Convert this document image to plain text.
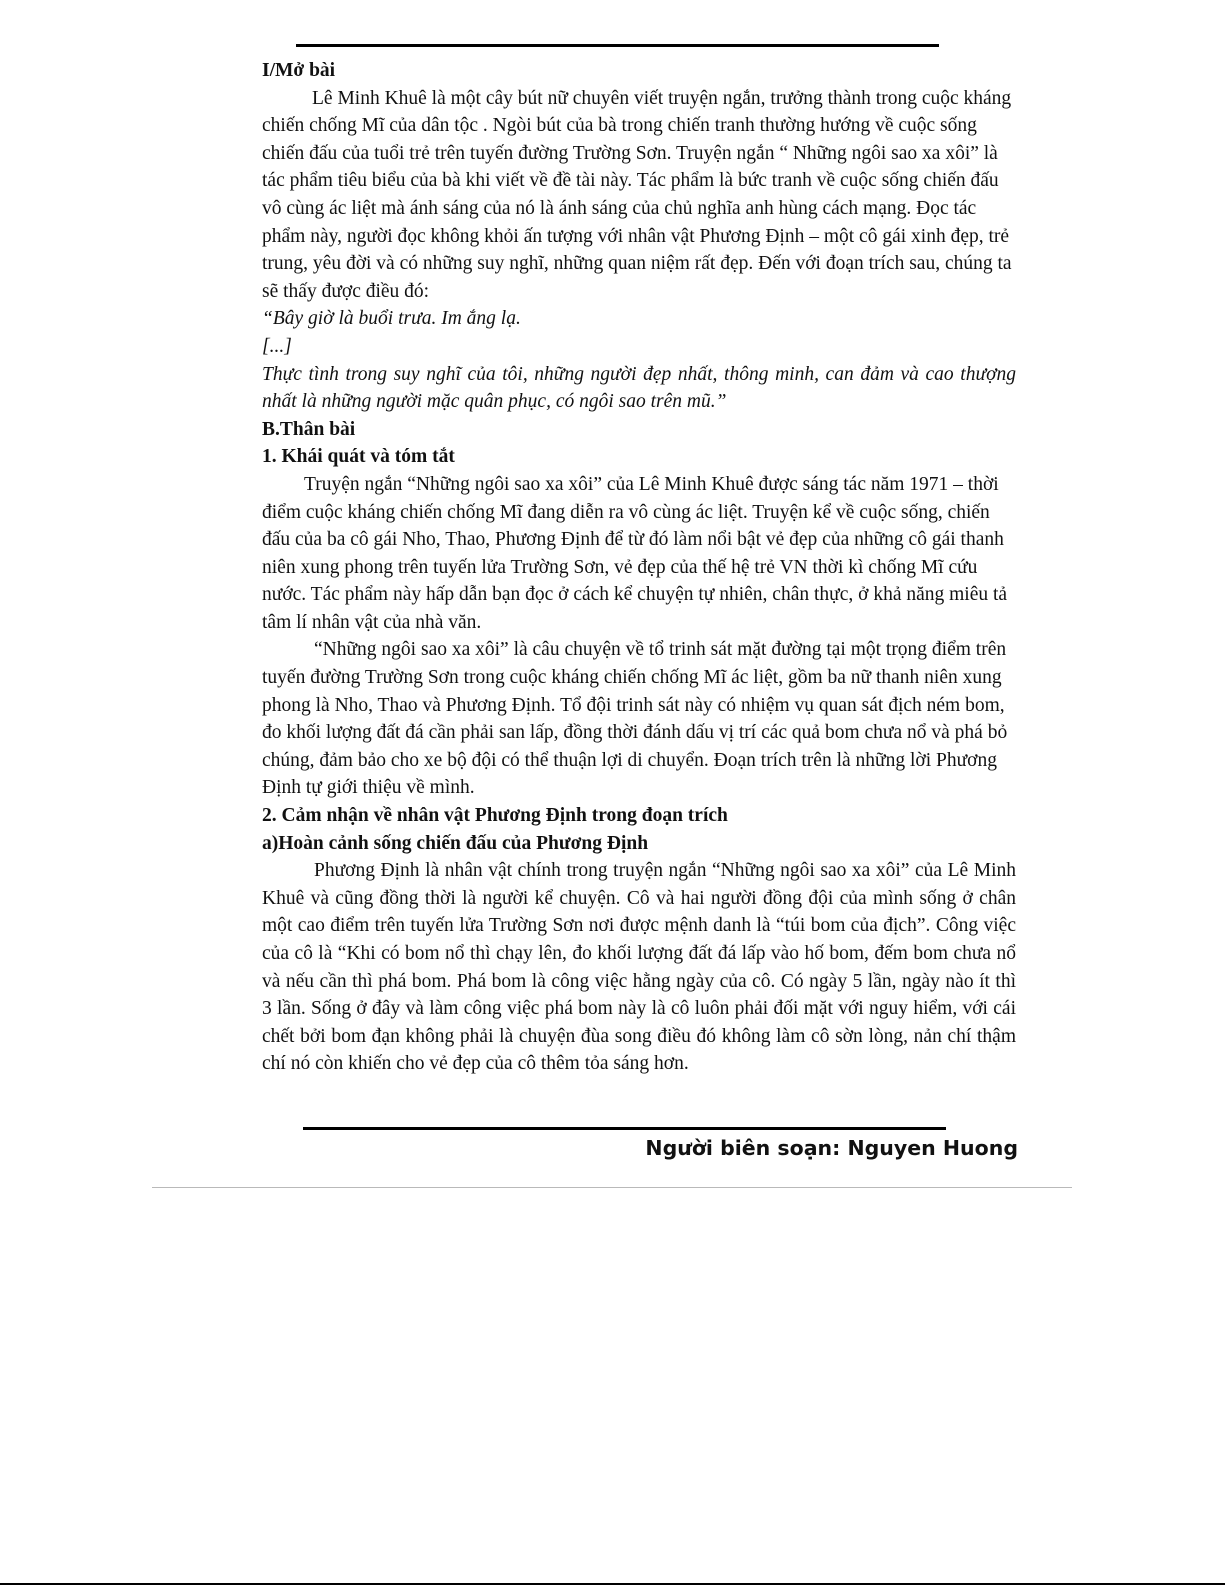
I/Mở bài

Lê Minh Khuê là một cây bút nữ chuyên viết truyện ngắn, trưởng thành trong cuộc kháng chiến chống Mĩ của dân tộc . Ngòi bút của bà trong chiến tranh thường hướng về cuộc sống chiến đấu của tuổi trẻ trên tuyến đường Trường Sơn. Truyện ngắn “ Những ngôi sao xa xôi” là tác phẩm tiêu biểu của bà khi viết về đề tài này. Tác phẩm là bức tranh về cuộc sống chiến đấu vô cùng ác liệt mà ánh sáng của nó là ánh sáng của chủ nghĩa anh hùng cách mạng. Đọc tác phẩm này, người đọc không khỏi ấn tượng với nhân vật Phương Định – một cô gái xinh đẹp, trẻ trung, yêu đời và có những suy nghĩ, những quan niệm rất đẹp. Đến với đoạn trích sau, chúng ta sẽ thấy được điều đó:

“Bây giờ là buổi trưa. Im ắng lạ.

[...]

Thực tình trong suy nghĩ của tôi, những người đẹp nhất, thông minh, can đảm và cao thượng nhất là những người mặc quân phục, có ngôi sao trên mũ.”

B.Thân bài

1. Khái quát và tóm tắt

Truyện ngắn “Những ngôi sao xa xôi” của Lê Minh Khuê được sáng tác năm 1971 – thời điểm cuộc kháng chiến chống Mĩ đang diễn ra vô cùng ác liệt. Truyện kể về cuộc sống, chiến đấu của ba cô gái Nho, Thao, Phương Định để từ đó làm nổi bật vẻ đẹp của những cô gái thanh niên xung phong trên tuyến lửa Trường Sơn, vẻ đẹp của thế hệ trẻ VN thời kì chống Mĩ cứu nước. Tác phẩm này hấp dẫn bạn đọc ở cách kể chuyện tự nhiên, chân thực, ở khả năng miêu tả tâm lí nhân vật của nhà văn.

“Những ngôi sao xa xôi” là câu chuyện về tổ trinh sát mặt đường tại một trọng điểm trên tuyến đường Trường Sơn trong cuộc kháng chiến chống Mĩ ác liệt, gồm ba nữ thanh niên xung phong là Nho, Thao và Phương Định. Tổ đội trinh sát này có nhiệm vụ quan sát địch ném bom, đo khối lượng đất đá cần phải san lấp, đồng thời đánh dấu vị trí các quả bom chưa nổ và phá bỏ chúng, đảm bảo cho xe bộ đội có thể thuận lợi di chuyển. Đoạn trích trên là những lời Phương Định tự giới thiệu về mình.

2. Cảm nhận về nhân vật Phương Định trong đoạn trích

a)Hoàn cảnh sống chiến đấu của Phương Định

Phương Định là nhân vật chính trong truyện ngắn “Những ngôi sao xa xôi” của Lê Minh Khuê và cũng đồng thời là người kể chuyện. Cô và hai người đồng đội của mình sống ở chân một cao điểm trên tuyến lửa Trường Sơn nơi được mệnh danh là “túi bom của địch”. Công việc của cô là “Khi có bom nổ thì chạy lên, đo khối lượng đất đá lấp vào hố bom, đếm bom chưa nổ và nếu cần thì phá bom. Phá bom là công việc hằng ngày của cô. Có ngày 5 lần, ngày nào ít thì 3 lần. Sống ở đây và làm công việc phá bom này là cô luôn phải đối mặt với nguy hiểm, với cái chết bởi bom đạn không phải là chuyện đùa song điều đó không làm cô sờn lòng, nản chí thậm chí nó còn khiến cho vẻ đẹp của cô thêm tỏa sáng hơn.

Người biên soạn: Nguyen Huong
